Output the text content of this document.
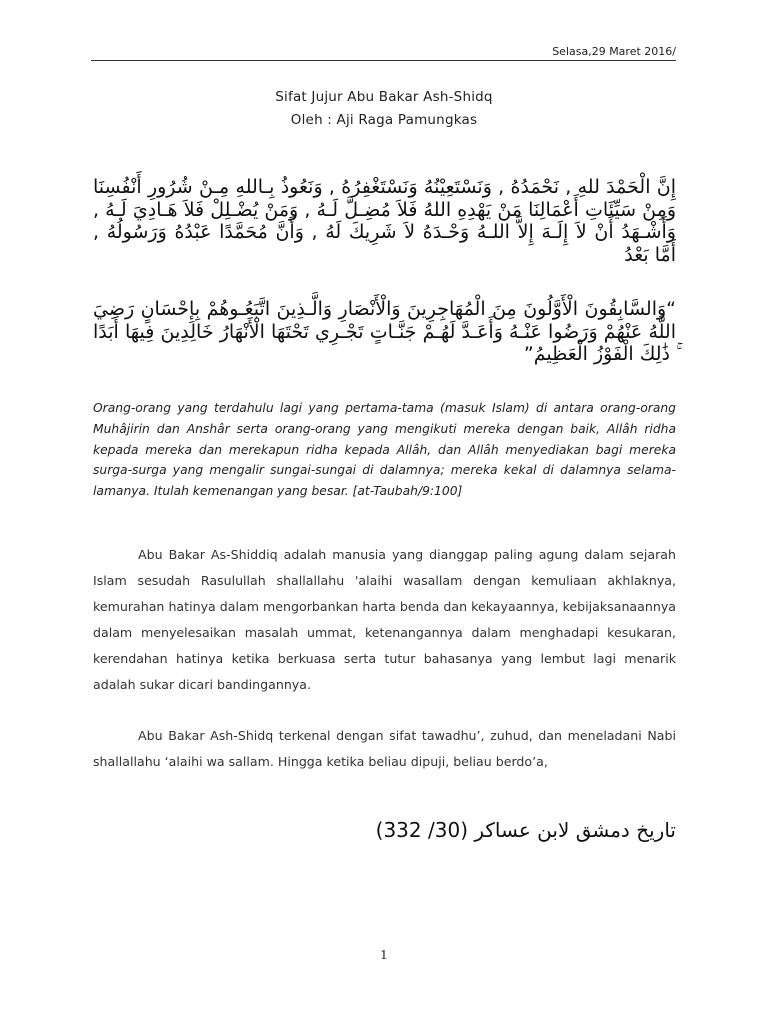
Selasa,29 Maret 2016/
Sifat Jujur Abu Bakar Ash-Shidq
Oleh : Aji Raga Pamungkas
إِنَّ الْحَمْدَ للهِ , نَحْمَدُهُ , وَنَسْتَعِيْنُهُ وَنَسْتَغْفِرُهُ , وَنَعُوذُ بِـاللهِ مِـنْ شُرُورِ أَنْفُسِنَا وَمِنْ سَيِّئَاتِ أَعْمَالِنَا مَنْ يَهْدِهِ اللهُ فَلاَ مُضِـلَّ لَـهُ , وَمَنْ يُضْـلِلْ فَلاَ هَـادِيَ لَـهُ , وَأَشْـهَدُ أَنْ لاَ إِلَـهَ إِلاَّ اللـهُ وَحْـدَهُ لاَ شَرِيكَ لَهُ , وَأَنَّ مُحَمَّدًا عَبْدُهُ وَرَسُولُهُ , أَمَّا بَعْدُ
“وَالسَّابِقُونَ الْأَوَّلُونَ مِنَ الْمُهَاجِرِينَ وَالْأَنْصَارِ وَالَّـذِينَ اتَّبَعُـوهُمْ بِإِحْسَانٍ رَضِيَ اللَّهُ عَنْهُمْ وَرَضُوا عَنْـهُ وَأَعَـدَّ لَهُـمْ جَنَّـاتٍ تَجْـرِي تَحْتَهَا الْأَنْهَارُ خَالِدِينَ فِيهَا أَبَدًا ۚ ذَٰلِكَ الْفَوْزُ الْعَظِيمُ”
Orang-orang yang terdahulu lagi yang pertama-tama (masuk Islam) di antara orang-orang Muhâjirin dan Anshâr serta orang-orang yang mengikuti mereka dengan baik, Allâh ridha kepada mereka dan merekapun ridha kepada Allâh, dan Allâh menyediakan bagi mereka surga-surga yang mengalir sungai-sungai di dalamnya; mereka kekal di dalamnya selama-lamanya. Itulah kemenangan yang besar. [at-Taubah/9:100]

Abu Bakar As-Shiddiq adalah manusia yang dianggap paling agung dalam sejarah Islam sesudah Rasulullah shallallahu 'alaihi wasallam dengan kemuliaan akhlaknya, kemurahan hatinya dalam mengorbankan harta benda dan kekayaannya, kebijaksanaannya dalam menyelesaikan masalah ummat, ketenangannya dalam menghadapi kesukaran, kerendahan hatinya ketika berkuasa serta tutur bahasanya yang lembut lagi menarik adalah sukar dicari bandingannya.

Abu Bakar Ash-Shidq terkenal dengan sifat tawadhu’, zuhud, dan meneladani Nabi shallallahu ‘alaihi wa sallam. Hingga ketika beliau dipuji, beliau berdo’a,

تاريخ دمشق لابن عساكر (30/ 332)
1
